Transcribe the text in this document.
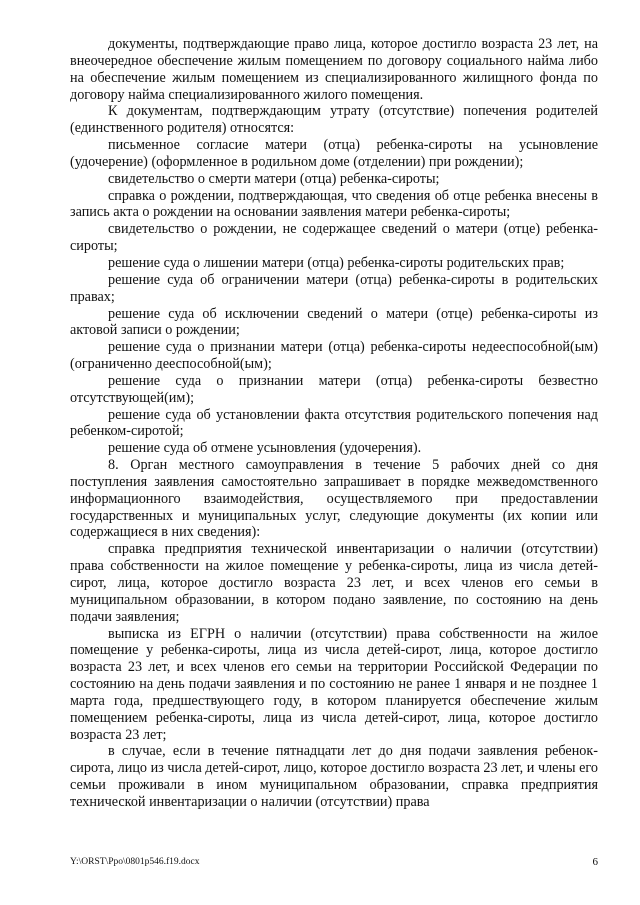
документы, подтверждающие право лица, которое достигло возраста 23 лет, на внеочередное обеспечение жилым помещением по договору социального найма либо на обеспечение жилым помещением из специализированного жилищного фонда по договору найма специализированного жилого помещения.

К документам, подтверждающим утрату (отсутствие) попечения родителей (единственного родителя) относятся:

письменное согласие матери (отца) ребенка-сироты на усыновление (удочерение) (оформленное в родильном доме (отделении) при рождении);

свидетельство о смерти матери (отца) ребенка-сироты;

справка о рождении, подтверждающая, что сведения об отце ребенка внесены в запись акта о рождении на основании заявления матери ребенка-сироты;

свидетельство о рождении, не содержащее сведений о матери (отце) ребенка-сироты;

решение суда о лишении матери (отца) ребенка-сироты родительских прав;

решение суда об ограничении матери (отца) ребенка-сироты в родительских правах;

решение суда об исключении сведений о матери (отце) ребенка-сироты из актовой записи о рождении;

решение суда о признании матери (отца) ребенка-сироты недееспособной(ым) (ограниченно дееспособной(ым);

решение суда о признании матери (отца) ребенка-сироты безвестно отсутствующей(им);

решение суда об установлении факта отсутствия родительского попечения над ребенком-сиротой;

решение суда об отмене усыновления (удочерения).

8. Орган местного самоуправления в течение 5 рабочих дней со дня поступления заявления самостоятельно запрашивает в порядке межведомственного информационного взаимодействия, осуществляемого при предоставлении государственных и муниципальных услуг, следующие документы (их копии или содержащиеся в них сведения):

справка предприятия технической инвентаризации о наличии (отсутствии) права собственности на жилое помещение у ребенка-сироты, лица из числа детей-сирот, лица, которое достигло возраста 23 лет, и всех членов его семьи в муниципальном образовании, в котором подано заявление, по состоянию на день подачи заявления;

выписка из ЕГРН о наличии (отсутствии) права собственности на жилое помещение у ребенка-сироты, лица из числа детей-сирот, лица, которое достигло возраста 23 лет, и всех членов его семьи на территории Российской Федерации по состоянию на день подачи заявления и по состоянию не ранее 1 января и не позднее 1 марта года, предшествующего году, в котором планируется обеспечение жилым помещением ребенка-сироты, лица из числа детей-сирот, лица, которое достигло возраста 23 лет;

в случае, если в течение пятнадцати лет до дня подачи заявления ребенок-сирота, лицо из числа детей-сирот, лицо, которое достигло возраста 23 лет, и члены его семьи проживали в ином муниципальном образовании, справка предприятия технической инвентаризации о наличии (отсутствии) права

Y:\ORST\Ppo\0801p546.f19.docx	6
